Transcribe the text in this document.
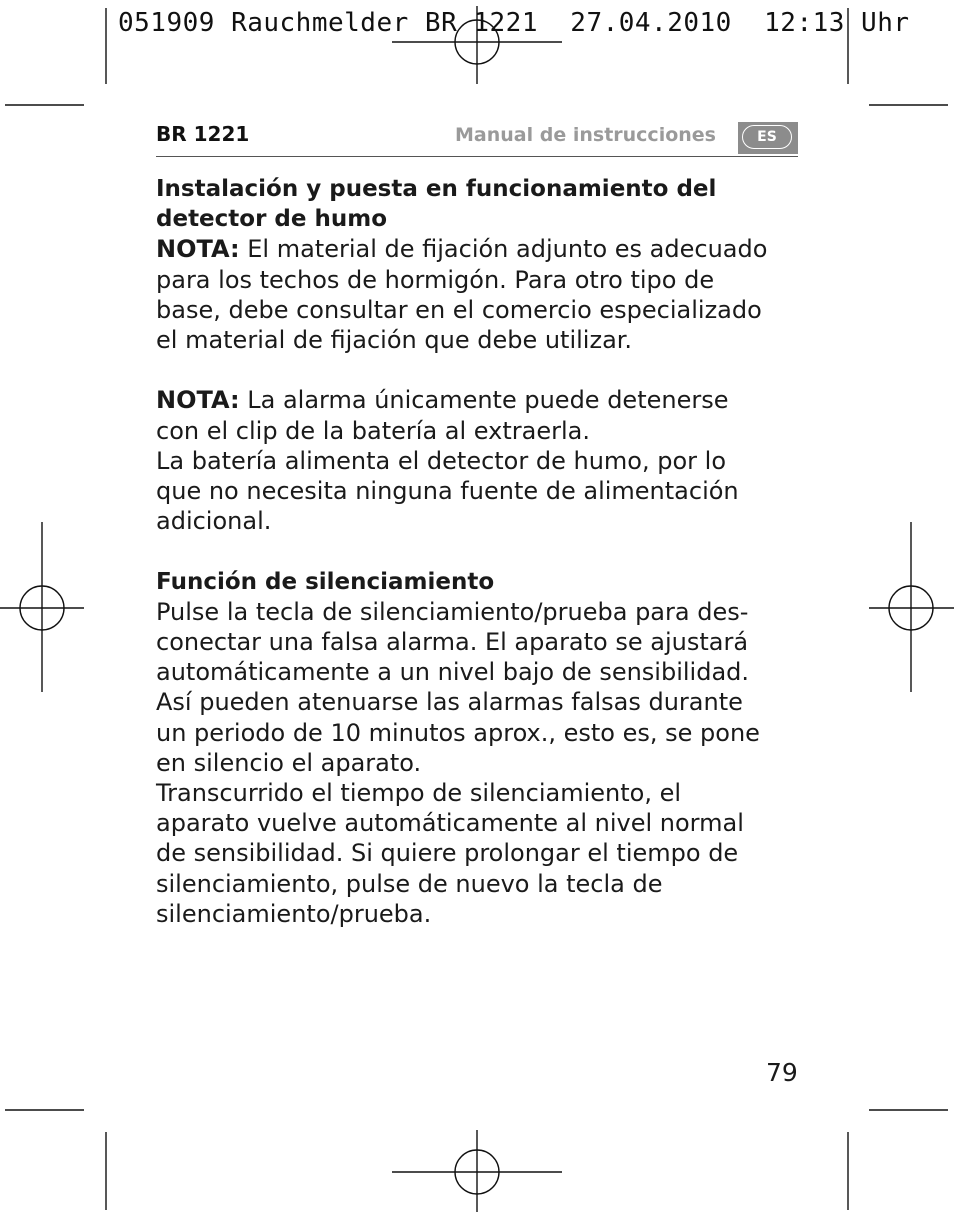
051909 Rauchmelder BR 1221  27.04.2010  12:13 Uhr
BR 1221	Manual de instrucciones	ES

Instalación y puesta en funcionamiento del
detector de humo

NOTA: El material de fijación adjunto es adecuado
para los techos de hormigón. Para otro tipo de
base, debe consultar en el comercio especializado
el material de fijación que debe utilizar.

NOTA: La alarma únicamente puede detenerse
con el clip de la batería al extraerla.
La batería alimenta el detector de humo, por lo
que no necesita ninguna fuente de alimentación
adicional.

Función de silenciamiento

Pulse la tecla de silenciamiento/prueba para des-
conectar una falsa alarma. El aparato se ajustará
automáticamente a un nivel bajo de sensibilidad.
Así pueden atenuarse las alarmas falsas durante
un periodo de 10 minutos aprox., esto es, se pone
en silencio el aparato.
Transcurrido el tiempo de silenciamiento, el
aparato vuelve automáticamente al nivel normal
de sensibilidad. Si quiere prolongar el tiempo de
silenciamiento, pulse de nuevo la tecla de
silenciamiento/prueba.

79
